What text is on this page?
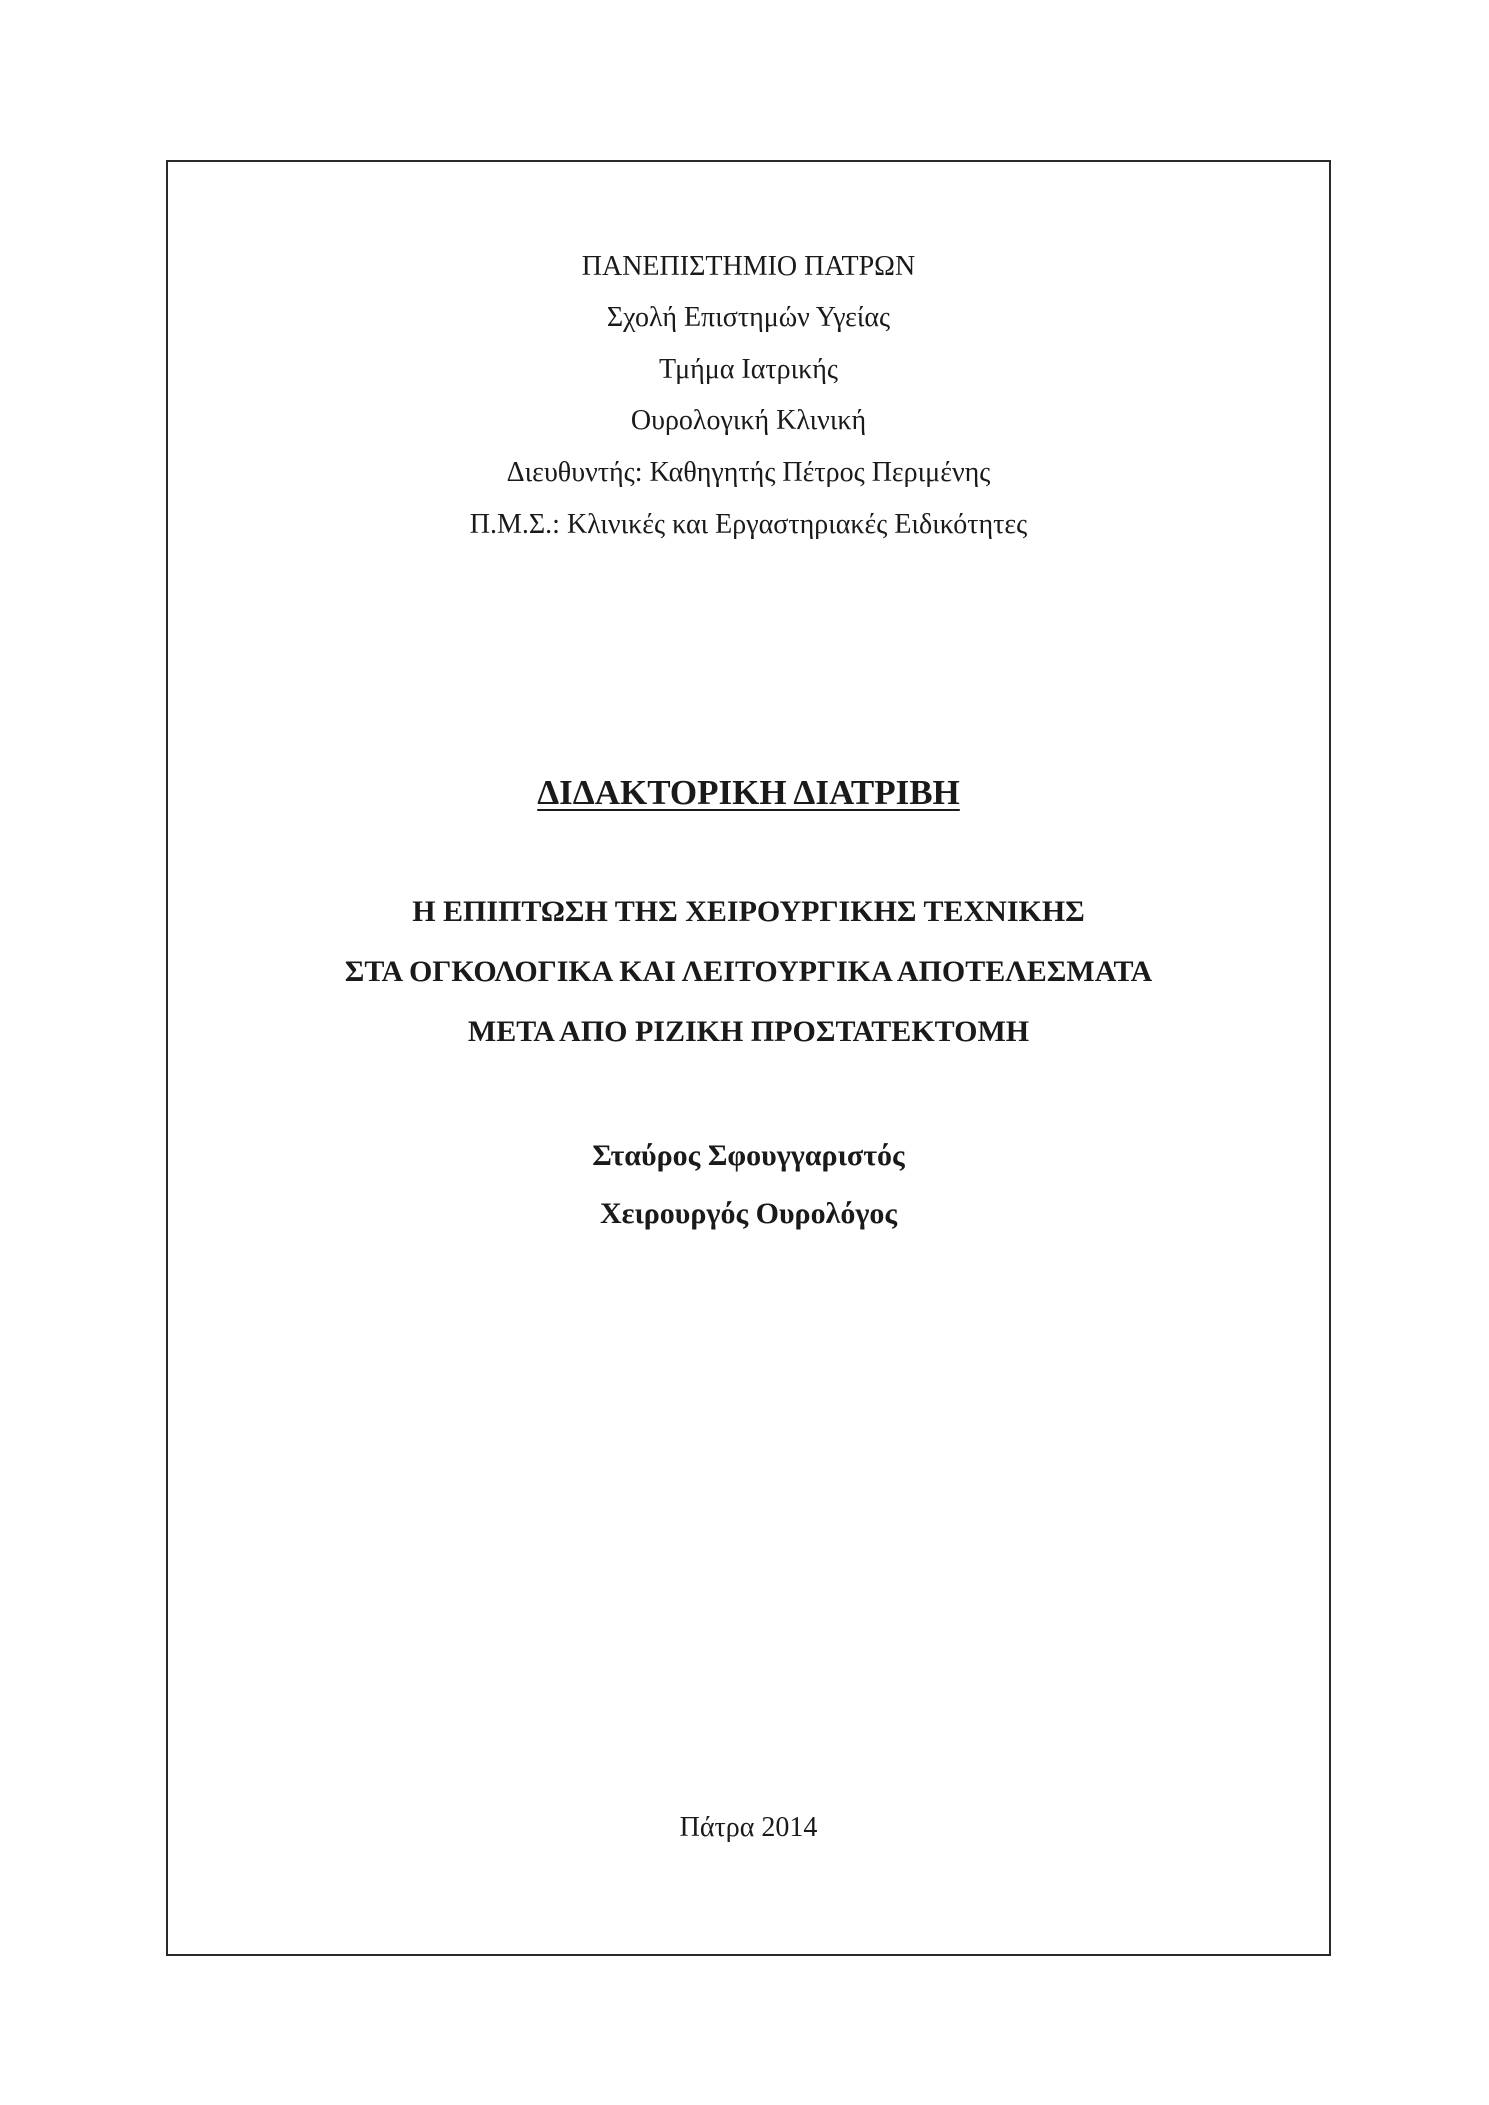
ΠΑΝΕΠΙΣΤΗΜΙΟ ΠΑΤΡΩΝ
Σχολή Επιστημών Υγείας
Τμήμα Ιατρικής
Ουρολογική Κλινική
Διευθυντής: Καθηγητής Πέτρος Περιμένης
Π.Μ.Σ.: Κλινικές και Εργαστηριακές Ειδικότητες
ΔΙΔΑΚΤΟΡΙΚΗ ΔΙΑΤΡΙΒΗ
Η ΕΠΙΠΤΩΣΗ ΤΗΣ ΧΕΙΡΟΥΡΓΙΚΗΣ ΤΕΧΝΙΚΗΣ
ΣΤΑ ΟΓΚΟΛΟΓΙΚΑ ΚΑΙ ΛΕΙΤΟΥΡΓΙΚΑ ΑΠΟΤΕΛΕΣΜΑΤΑ
ΜΕΤΑ ΑΠΟ ΡΙΖΙΚΗ ΠΡΟΣΤΑΤΕΚΤΟΜΗ
Σταύρος Σφουγγαριστός
Χειρουργός Ουρολόγος
Πάτρα 2014
